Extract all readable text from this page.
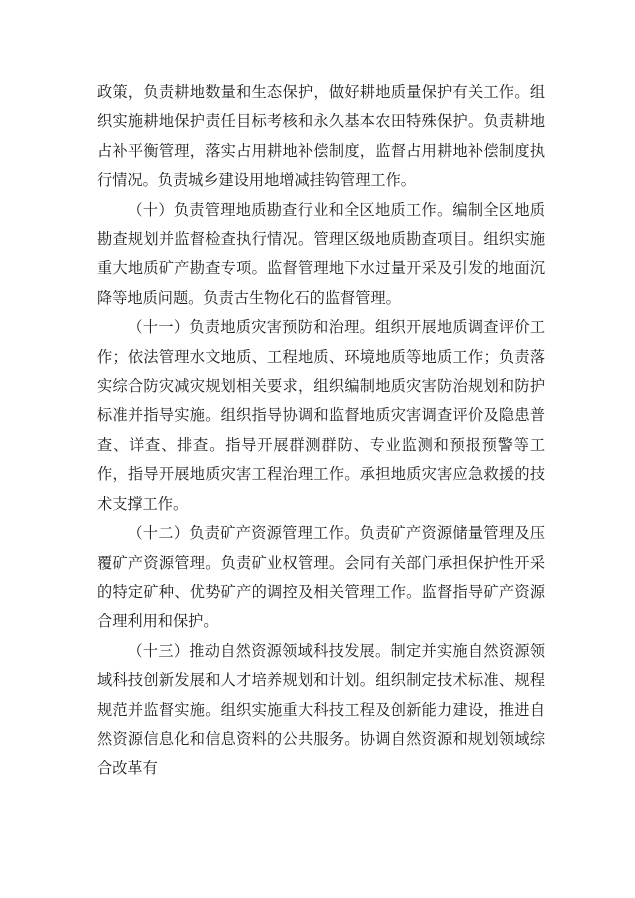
政策，负责耕地数量和生态保护，做好耕地质量保护有关工作。组织实施耕地保护责任目标考核和永久基本农田特殊保护。负责耕地占补平衡管理，落实占用耕地补偿制度，监督占用耕地补偿制度执行情况。负责城乡建设用地增减挂钩管理工作。

（十）负责管理地质勘查行业和全区地质工作。编制全区地质勘查规划并监督检查执行情况。管理区级地质勘查项目。组织实施重大地质矿产勘查专项。监督管理地下水过量开采及引发的地面沉降等地质问题。负责古生物化石的监督管理。

（十一）负责地质灾害预防和治理。组织开展地质调查评价工作；依法管理水文地质、工程地质、环境地质等地质工作；负责落实综合防灾减灾规划相关要求，组织编制地质灾害防治规划和防护标准并指导实施。组织指导协调和监督地质灾害调查评价及隐患普查、详查、排查。指导开展群测群防、专业监测和预报预警等工作，指导开展地质灾害工程治理工作。承担地质灾害应急救援的技术支撑工作。

（十二）负责矿产资源管理工作。负责矿产资源储量管理及压覆矿产资源管理。负责矿业权管理。会同有关部门承担保护性开采的特定矿种、优势矿产的调控及相关管理工作。监督指导矿产资源合理利用和保护。

（十三）推动自然资源领域科技发展。制定并实施自然资源领域科技创新发展和人才培养规划和计划。组织制定技术标准、规程规范并监督实施。组织实施重大科技工程及创新能力建设，推进自然资源信息化和信息资料的公共服务。协调自然资源和规划领域综合改革有
